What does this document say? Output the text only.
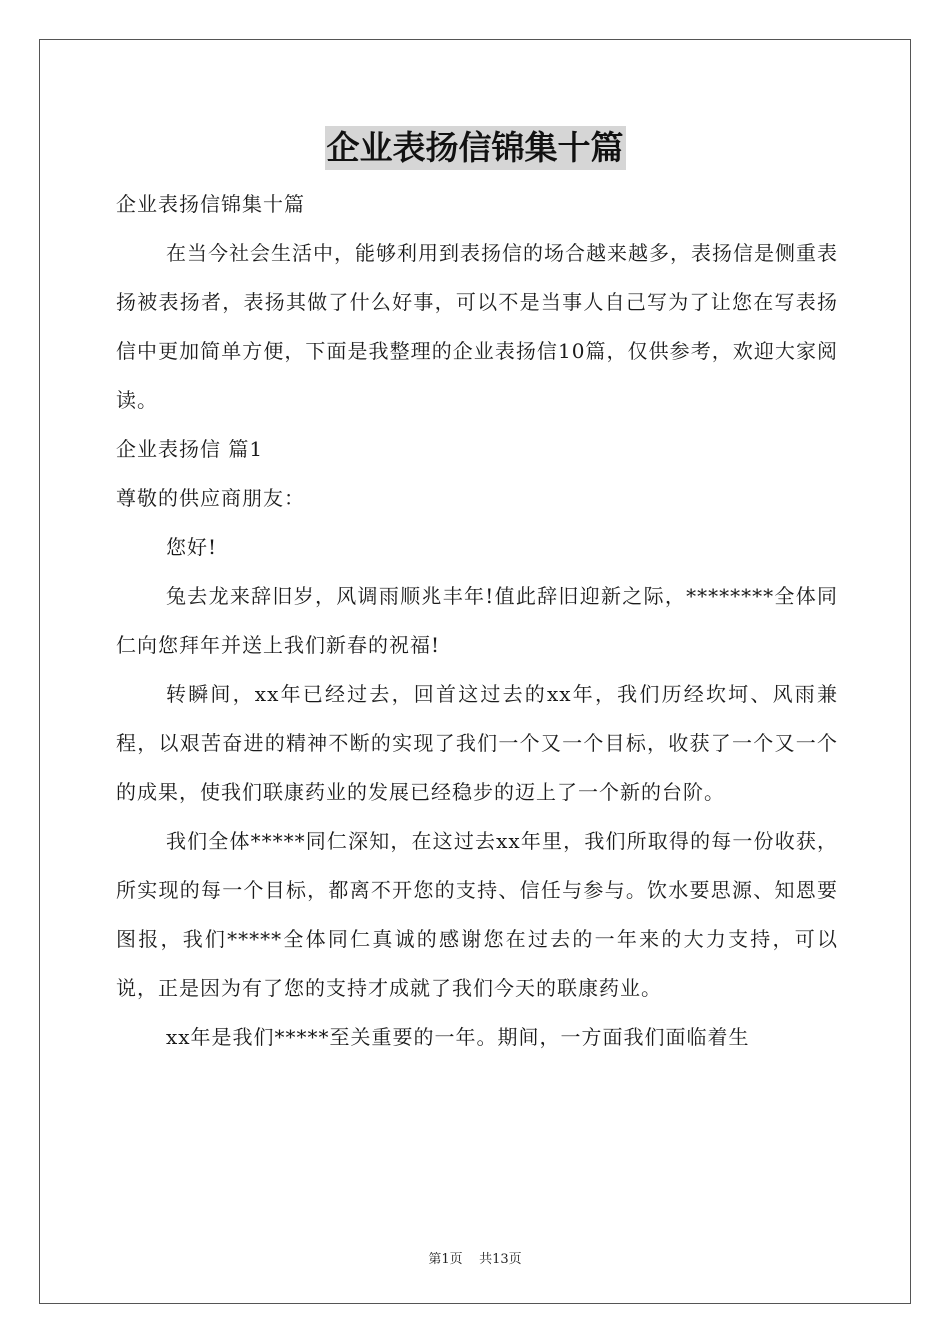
企业表扬信锦集十篇

企业表扬信锦集十篇

在当今社会生活中，能够利用到表扬信的场合越来越多，表扬信是侧重表扬被表扬者，表扬其做了什么好事，可以不是当事人自己写为了让您在写表扬信中更加简单方便，下面是我整理的企业表扬信10篇，仅供参考，欢迎大家阅读。

企业表扬信 篇1

尊敬的供应商朋友：

您好!

兔去龙来辞旧岁，风调雨顺兆丰年!值此辞旧迎新之际，********全体同仁向您拜年并送上我们新春的祝福!

转瞬间，xx年已经过去，回首这过去的xx年，我们历经坎坷、风雨兼程，以艰苦奋进的精神不断的实现了我们一个又一个目标，收获了一个又一个的成果，使我们联康药业的发展已经稳步的迈上了一个新的台阶。

我们全体*****同仁深知，在这过去xx年里，我们所取得的每一份收获，所实现的每一个目标，都离不开您的支持、信任与参与。饮水要思源、知恩要图报，我们*****全体同仁真诚的感谢您在过去的一年来的大力支持，可以说，正是因为有了您的支持才成就了我们今天的联康药业。

xx年是我们*****至关重要的一年。期间，一方面我们面临着生

第1页 共13页
